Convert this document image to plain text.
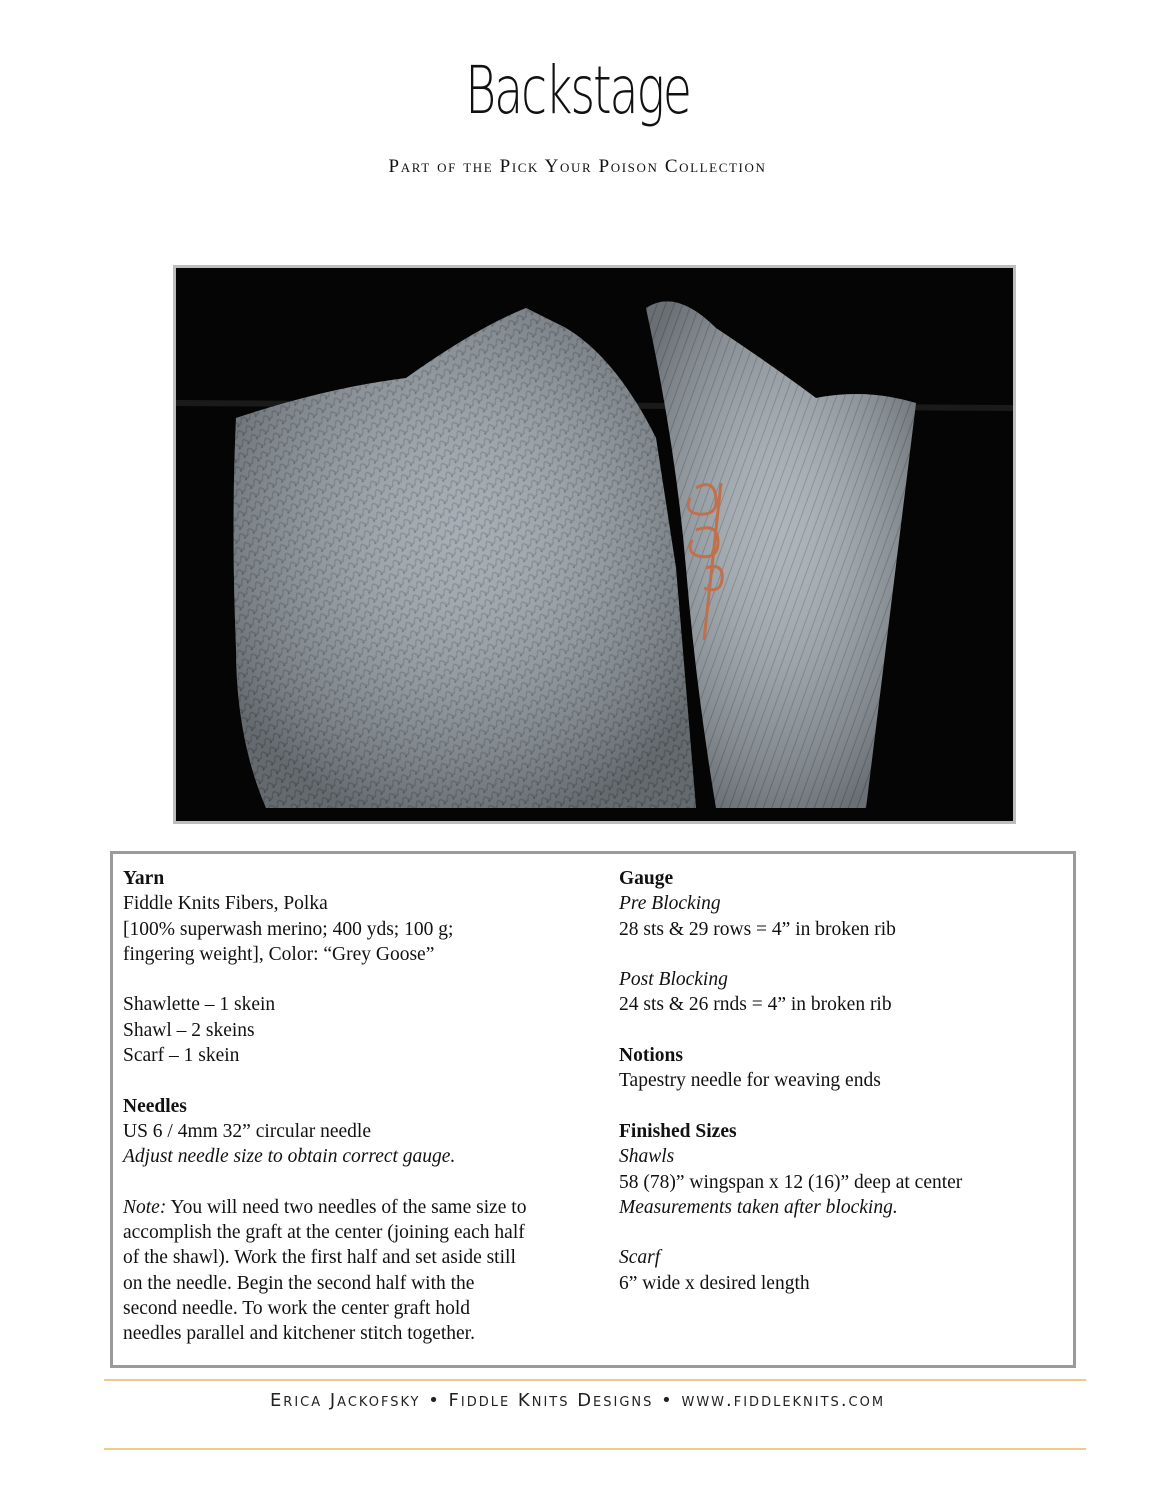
Backstage
Part of the Pick Your Poison Collection

Yarn

Fiddle Knits Fibers, Polka

[100% superwash merino; 400 yds; 100 g;

fingering weight], Color: “Grey Goose”

Shawlette – 1 skein

Shawl – 2 skeins

Scarf – 1 skein

Needles

US 6 / 4mm 32” circular needle

Adjust needle size to obtain correct gauge.

Note: You will need two needles of the same size to

accomplish the graft at the center (joining each half

of the shawl). Work the first half and set aside still

on the needle. Begin the second half with the

second needle. To work the center graft hold

needles parallel and kitchener stitch together.

Gauge

Pre Blocking

28 sts & 29 rows = 4” in broken rib

Post Blocking

24 sts & 26 rnds = 4” in broken rib

Notions

Tapestry needle for weaving ends

Finished Sizes

Shawls

58 (78)” wingspan x 12 (16)” deep at center

Measurements taken after blocking.

Scarf

6” wide x desired length

Erica Jackofsky • Fiddle Knits Designs • www.fiddleknits.com
